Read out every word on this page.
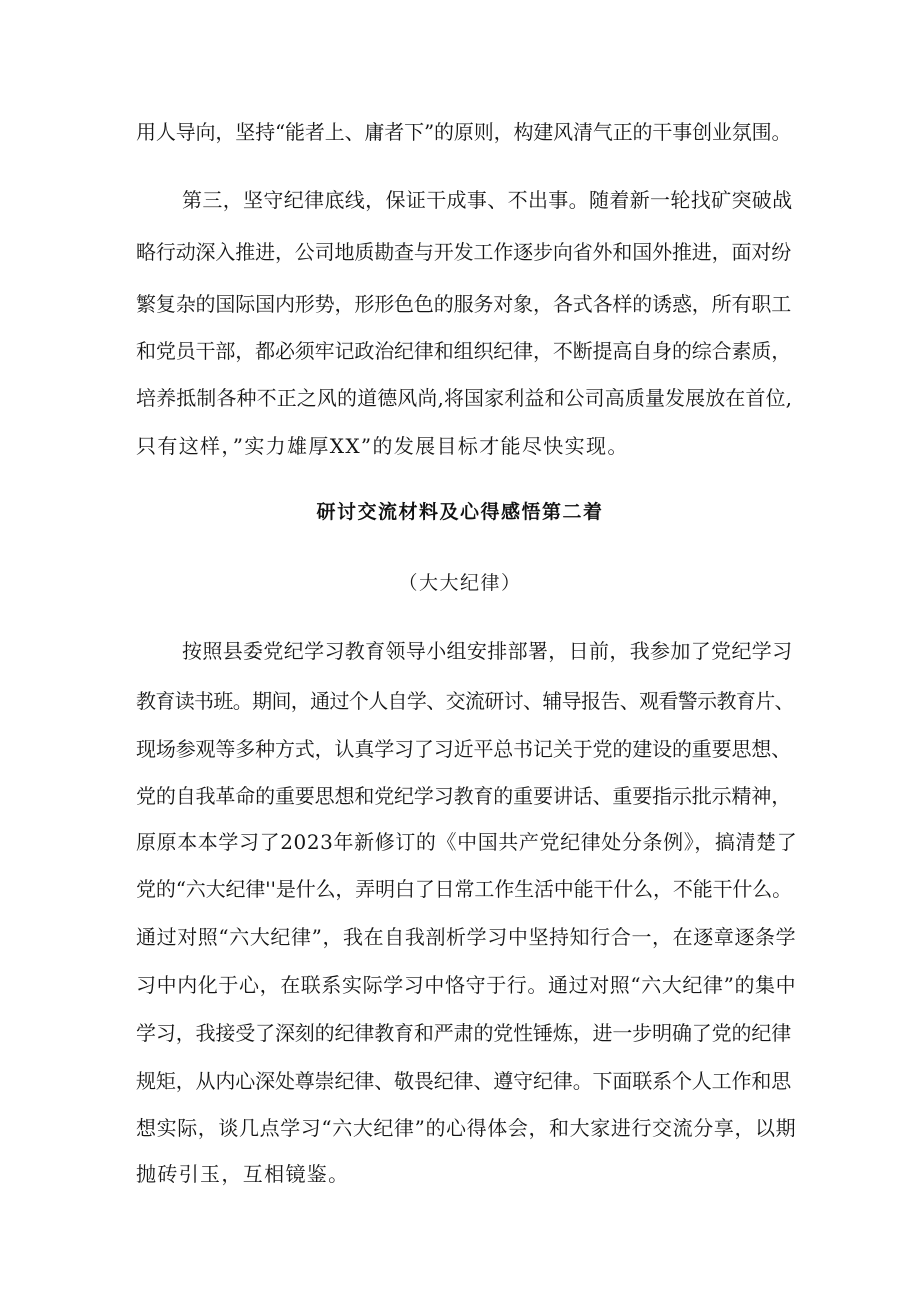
用人导向，坚持“能者上、庸者下”的原则，构建风清气正的干事创业氛围。
第三，坚守纪律底线，保证干成事、不出事。随着新一轮找矿突破战
略行动深入推进，公司地质勘查与开发工作逐步向省外和国外推进，面对纷
繁复杂的国际国内形势，形形色色的服务对象，各式各样的诱惑，所有职工
和党员干部，都必须牢记政治纪律和组织纪律，不断提高自身的综合素质，
培养抵制各种不正之风的道德风尚,将国家利益和公司高质量发展放在首位,
只有这样，”实力雄厚XX”的发展目标才能尽快实现。
研讨交流材料及心得感悟第二着
（大大纪律）
按照县委党纪学习教育领导小组安排部署，日前，我参加了党纪学习
教育读书班。期间，通过个人自学、交流研讨、辅导报告、观看警示教育片、
现场参观等多种方式，认真学习了习近平总书记关于党的建设的重要思想、
党的自我革命的重要思想和党纪学习教育的重要讲话、重要指示批示精神，
原原本本学习了2023年新修订的《中国共产党纪律处分条例》，搞清楚了
党的“六大纪律''是什么，弄明白了日常工作生活中能干什么，不能干什么。
通过对照“六大纪律”，我在自我剖析学习中坚持知行合一，在逐章逐条学
习中内化于心，在联系实际学习中恪守于行。通过对照“六大纪律”的集中
学习，我接受了深刻的纪律教育和严肃的党性锤炼，进一步明确了党的纪律
规矩，从内心深处尊崇纪律、敬畏纪律、遵守纪律。下面联系个人工作和思
想实际，谈几点学习“六大纪律”的心得体会，和大家进行交流分享，以期
抛砖引玉，互相镜鉴。
